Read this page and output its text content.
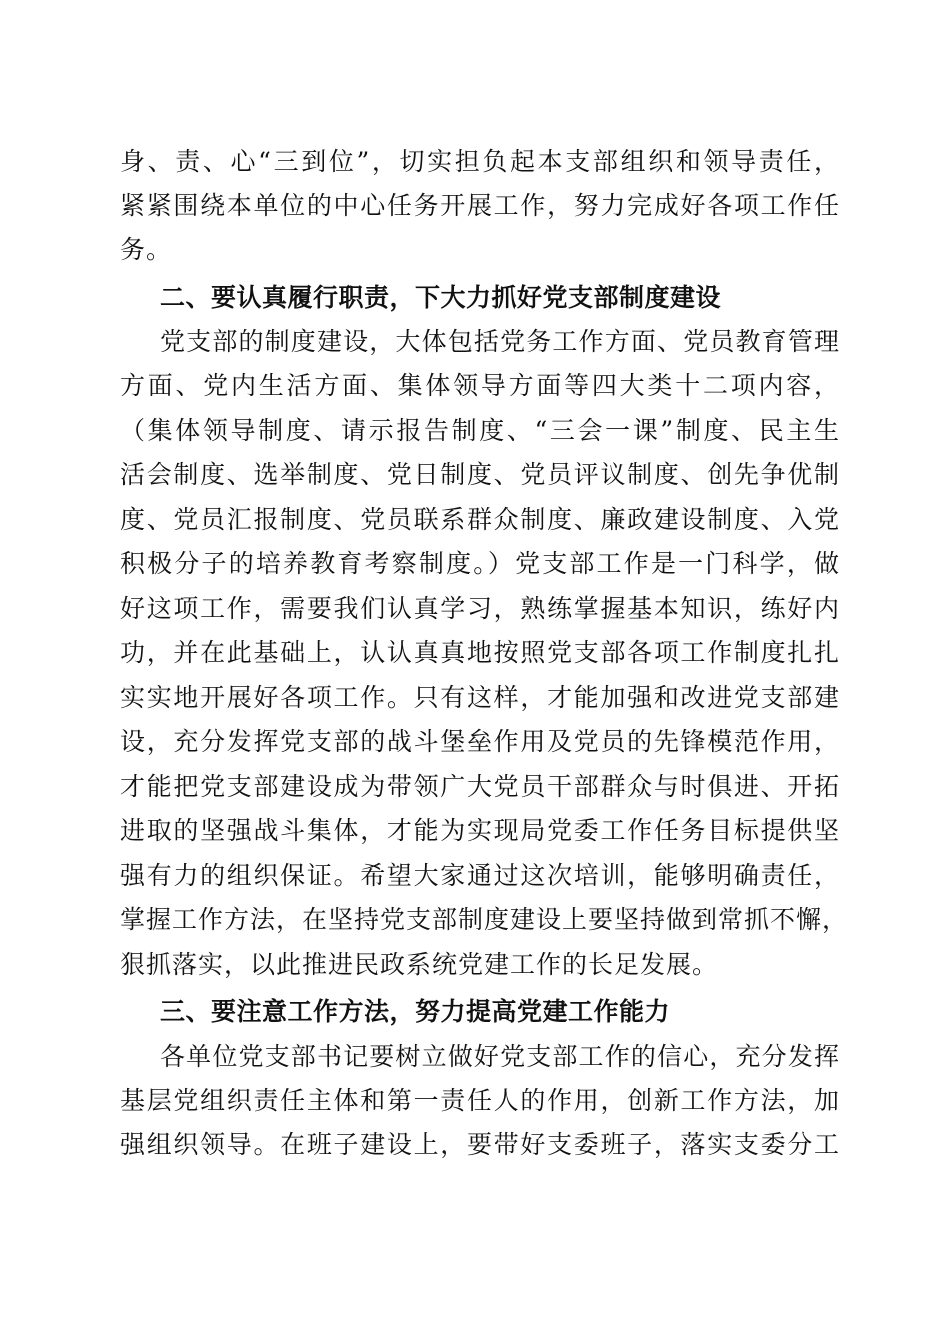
身、责、心“三到位”，切实担负起本支部组织和领导责任，
紧紧围绕本单位的中心任务开展工作，努力完成好各项工作任
务。
二、要认真履行职责，下大力抓好党支部制度建设
党支部的制度建设，大体包括党务工作方面、党员教育管理
方面、党内生活方面、集体领导方面等四大类十二项内容，
（集体领导制度、请示报告制度、“三会一课”制度、民主生
活会制度、选举制度、党日制度、党员评议制度、创先争优制
度、党员汇报制度、党员联系群众制度、廉政建设制度、入党
积极分子的培养教育考察制度。）党支部工作是一门科学，做
好这项工作，需要我们认真学习，熟练掌握基本知识，练好内
功，并在此基础上，认认真真地按照党支部各项工作制度扎扎
实实地开展好各项工作。只有这样，才能加强和改进党支部建
设，充分发挥党支部的战斗堡垒作用及党员的先锋模范作用，
才能把党支部建设成为带领广大党员干部群众与时俱进、开拓
进取的坚强战斗集体，才能为实现局党委工作任务目标提供坚
强有力的组织保证。希望大家通过这次培训，能够明确责任，
掌握工作方法，在坚持党支部制度建设上要坚持做到常抓不懈，
狠抓落实，以此推进民政系统党建工作的长足发展。
三、要注意工作方法，努力提高党建工作能力
各单位党支部书记要树立做好党支部工作的信心，充分发挥
基层党组织责任主体和第一责任人的作用，创新工作方法，加
强组织领导。在班子建设上，要带好支委班子，落实支委分工
